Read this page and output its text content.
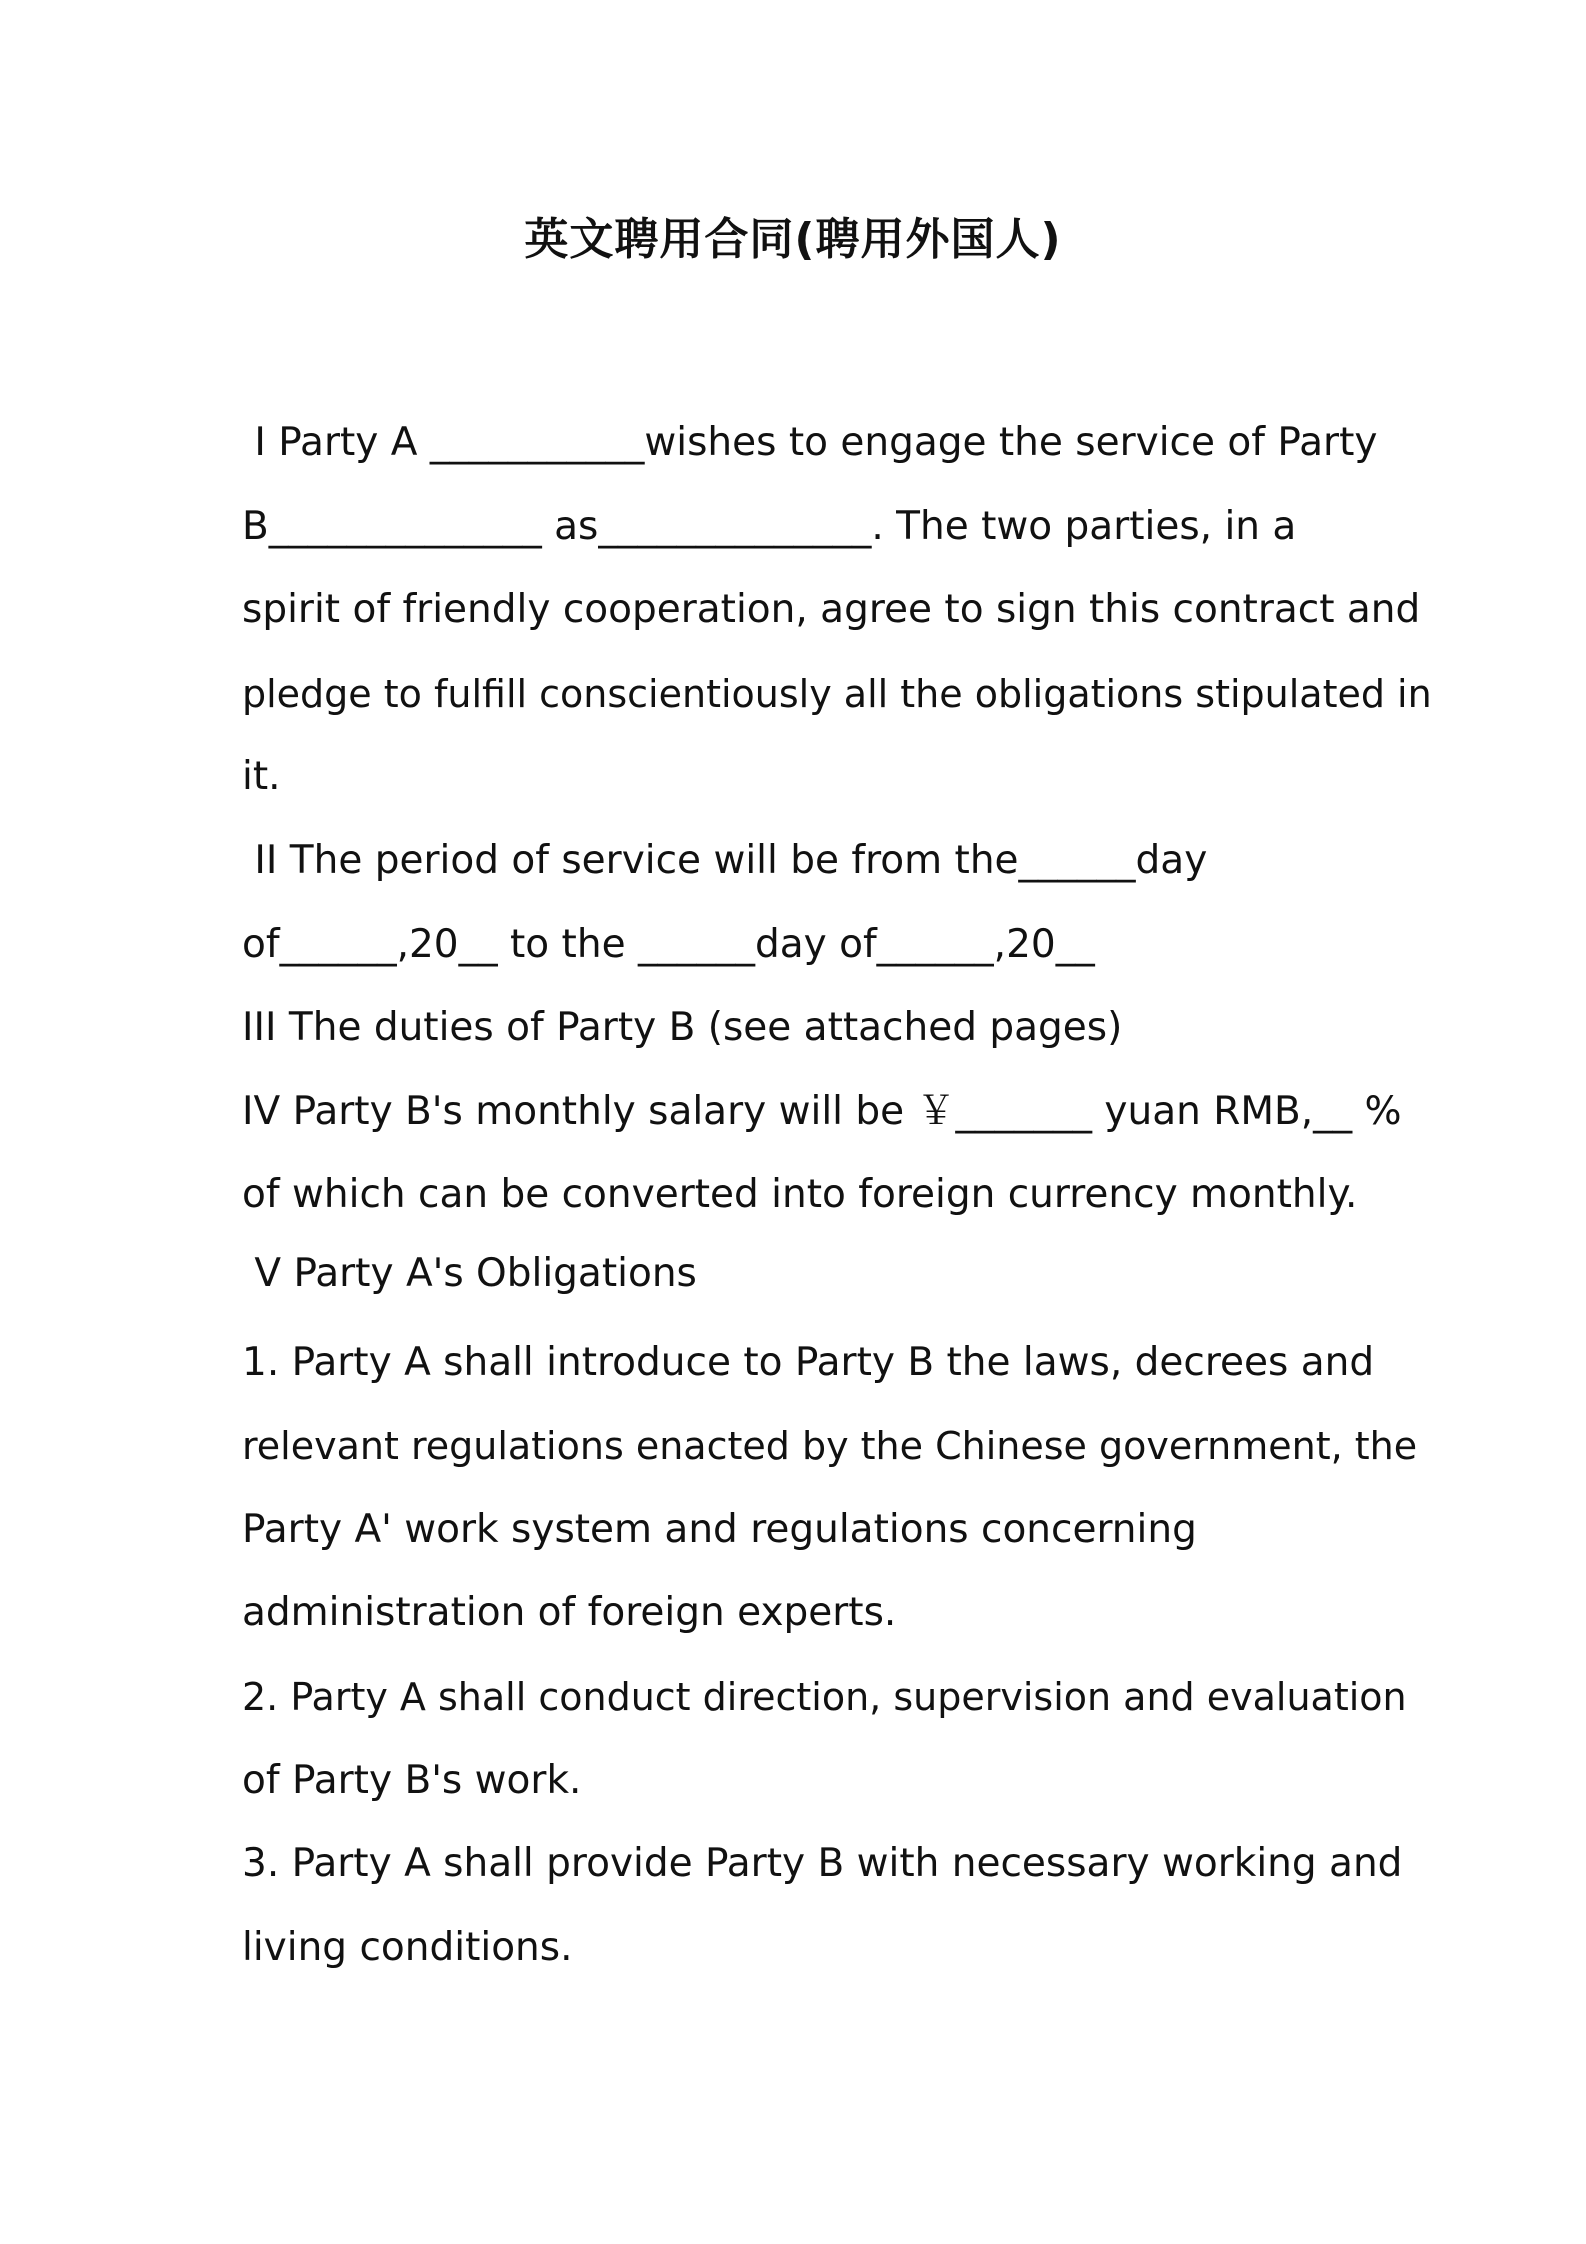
英文聘用合同(聘用外国人)
Ⅰ Party A ___________wishes to engage the service of Party
B______________ as______________. The two parties, in a
spirit of friendly cooperation, agree to sign this contract and
pledge to fulfill conscientiously all the obligations stipulated in
it.
II The period of service will be from the______day
of______,20__ to the ______day of______,20__
III The duties of Party B (see attached pages)
IV Party B's monthly salary will be ￥_______ yuan RMB,__ %
of which can be converted into foreign currency monthly.
V Party A's Obligations
1. Party A shall introduce to Party B the laws, decrees and
relevant regulations enacted by the Chinese government, the
Party A' work system and regulations concerning
administration of foreign experts.
2. Party A shall conduct direction, supervision and evaluation
of Party B's work.
3. Party A shall provide Party B with necessary working and
living conditions.
